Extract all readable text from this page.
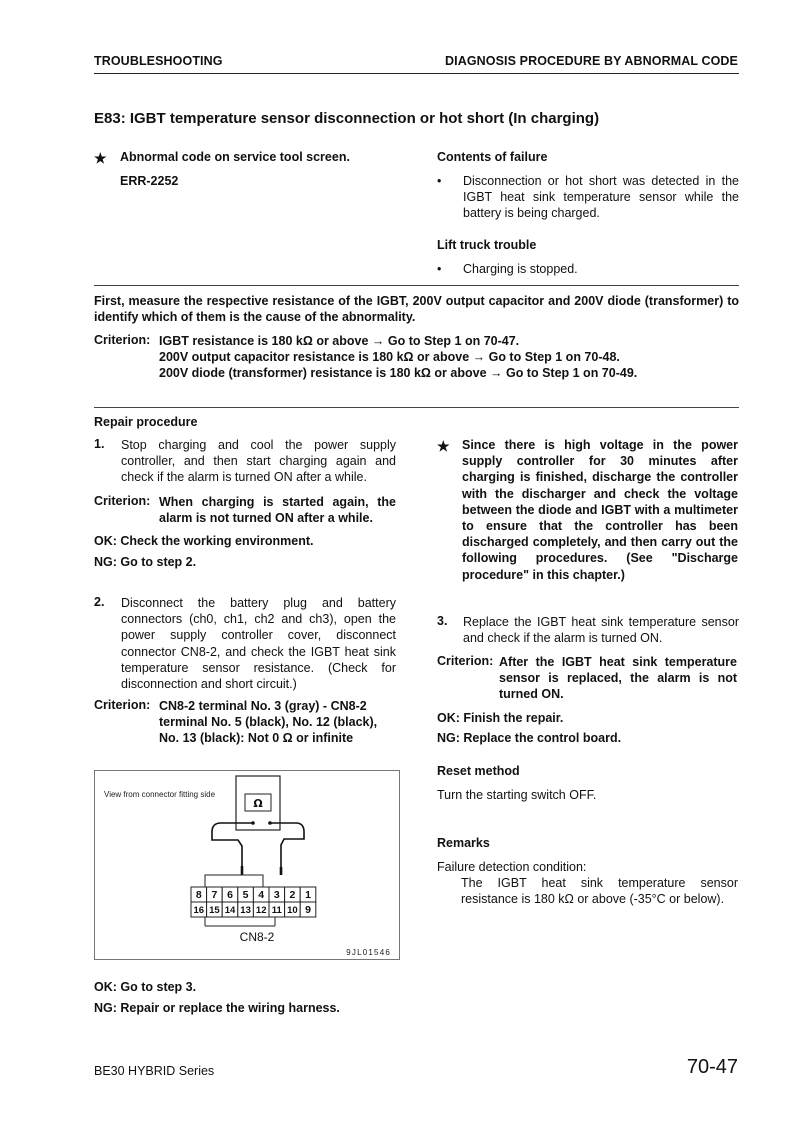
TROUBLESHOOTING	DIAGNOSIS PROCEDURE BY ABNORMAL CODE
E83: IGBT temperature sensor disconnection or hot short (In charging)
★ Abnormal code on service tool screen.
ERR-2252
Contents of failure
• Disconnection or hot short was detected in the IGBT heat sink temperature sensor while the battery is being charged.
Lift truck trouble
• Charging is stopped.
First, measure the respective resistance of the IGBT, 200V output capacitor and 200V diode (transformer) to identify which of them is the cause of the abnormality.
Criterion: IGBT resistance is 180 kΩ or above → Go to Step 1 on 70-47.
200V output capacitor resistance is 180 kΩ or above → Go to Step 1 on 70-48.
200V diode (transformer) resistance is 180 kΩ or above → Go to Step 1 on 70-49.
Repair procedure
1. Stop charging and cool the power supply controller, and then start charging again and check if the alarm is turned ON after a while.
Criterion: When charging is started again, the alarm is not turned ON after a while.
OK: Check the working environment.
NG: Go to step 2.
2. Disconnect the battery plug and battery connectors (ch0, ch1, ch2 and ch3), open the power supply controller cover, disconnect connector CN8-2, and check the IGBT heat sink temperature sensor resistance. (Check for disconnection and short circuit.)
Criterion: CN8-2 terminal No. 3 (gray) - CN8-2 terminal No. 5 (black), No. 12 (black), No. 13 (black): Not 0 Ω or infinite
View from connector fitting side
Ω
8 7 6 5 4 3 2 1
16 15 14 13 12 11 10 9
CN8-2
9JL01546
OK: Go to step 3.
NG: Repair or replace the wiring harness.
★ Since there is high voltage in the power supply controller for 30 minutes after charging is finished, discharge the controller with the discharger and check the voltage between the diode and IGBT with a multimeter to ensure that the controller has been discharged completely, and then carry out the following procedures. (See "Discharge procedure" in this chapter.)
3. Replace the IGBT heat sink temperature sensor and check if the alarm is turned ON.
Criterion: After the IGBT heat sink temperature sensor is replaced, the alarm is not turned ON.
OK: Finish the repair.
NG: Replace the control board.
Reset method
Turn the starting switch OFF.
Remarks
Failure detection condition:
The IGBT heat sink temperature sensor resistance is 180 kΩ or above (-35°C or below).
BE30 HYBRID Series	70-47
